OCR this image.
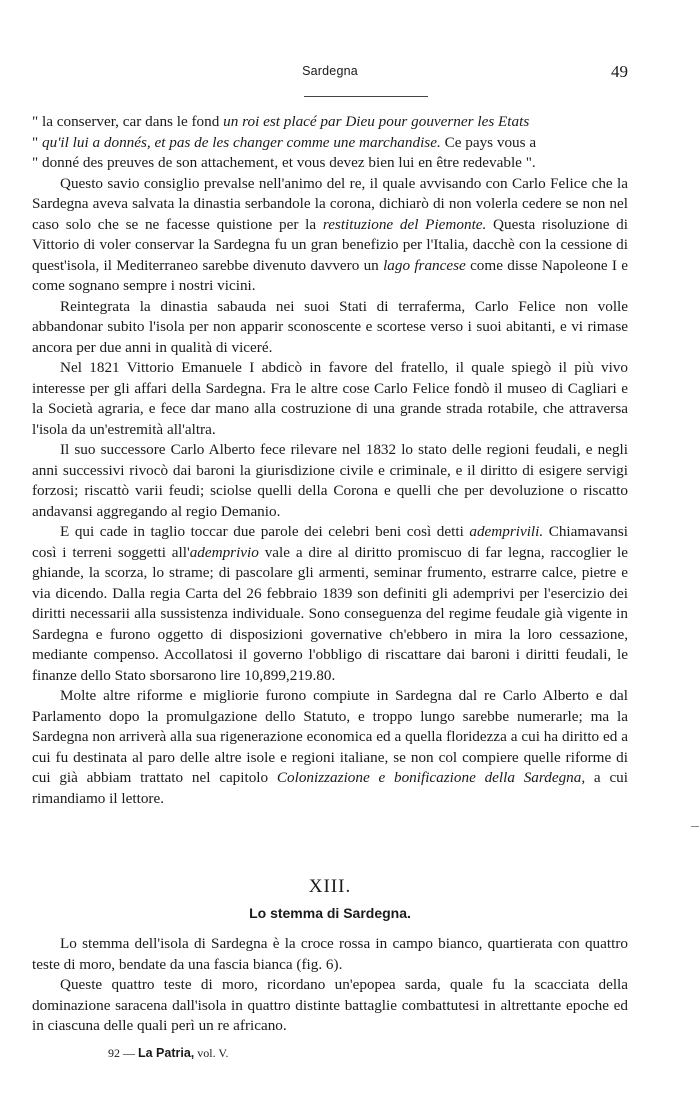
Sardegna	49

" la conserver, car dans le fond un roi est placé par Dieu pour gouverner les Etats

" qu'il lui a donnés, et pas de les changer comme une marchandise. Ce pays vous a

" donné des preuves de son attachement, et vous devez bien lui en être redevable ".

Questo savio consiglio prevalse nell'animo del re, il quale avvisando con Carlo Felice che la Sardegna aveva salvata la dinastia serbandole la corona, dichiarò di non volerla cedere se non nel caso solo che se ne facesse quistione per la restituzione del Piemonte. Questa risoluzione di Vittorio di voler conservar la Sardegna fu un gran benefizio per l'Italia, dacchè con la cessione di quest'isola, il Mediterraneo sarebbe divenuto davvero un lago francese come disse Napoleone I e come sognano sempre i nostri vicini.

Reintegrata la dinastia sabauda nei suoi Stati di terraferma, Carlo Felice non volle abbandonar subito l'isola per non apparir sconoscente e scortese verso i suoi abitanti, e vi rimase ancora per due anni in qualità di viceré.

Nel 1821 Vittorio Emanuele I abdicò in favore del fratello, il quale spiegò il più vivo interesse per gli affari della Sardegna. Fra le altre cose Carlo Felice fondò il museo di Cagliari e la Società agraria, e fece dar mano alla costruzione di una grande strada rotabile, che attraversa l'isola da un'estremità all'altra.

Il suo successore Carlo Alberto fece rilevare nel 1832 lo stato delle regioni feudali, e negli anni successivi rivocò dai baroni la giurisdizione civile e criminale, e il diritto di esigere servigi forzosi; riscattò varii feudi; sciolse quelli della Corona e quelli che per devoluzione o riscatto andavansi aggregando al regio Demanio.

E qui cade in taglio toccar due parole dei celebri beni così detti ademprivili. Chiamavansi così i terreni soggetti all'ademprivio vale a dire al diritto promiscuo di far legna, raccoglier le ghiande, la scorza, lo strame; di pascolare gli armenti, seminar frumento, estrarre calce, pietre e via dicendo. Dalla regia Carta del 26 febbraio 1839 son definiti gli ademprivi per l'esercizio dei diritti necessarii alla sussistenza individuale. Sono conseguenza del regime feudale già vigente in Sardegna e furono oggetto di disposizioni governative ch'ebbero in mira la loro cessazione, mediante compenso. Accollatosi il governo l'obbligo di riscattare dai baroni i diritti feudali, le finanze dello Stato sborsarono lire 10,899,219.80.

Molte altre riforme e migliorie furono compiute in Sardegna dal re Carlo Alberto e dal Parlamento dopo la promulgazione dello Statuto, e troppo lungo sarebbe numerarle; ma la Sardegna non arriverà alla sua rigenerazione economica ed a quella floridezza a cui ha diritto ed a cui fu destinata al paro delle altre isole e regioni italiane, se non col compiere quelle riforme di cui già abbiam trattato nel capitolo Colonizzazione e bonificazione della Sardegna, a cui rimandiamo il lettore.

XIII.
Lo stemma di Sardegna.

Lo stemma dell'isola di Sardegna è la croce rossa in campo bianco, quartierata con quattro teste di moro, bendate da una fascia bianca (fig. 6).

Queste quattro teste di moro, ricordano un'epopea sarda, quale fu la scacciata della dominazione saracena dall'isola in quattro distinte battaglie combattutesi in altrettante epoche ed in ciascuna delle quali perì un re africano.

92 — La Patria, vol. V.
